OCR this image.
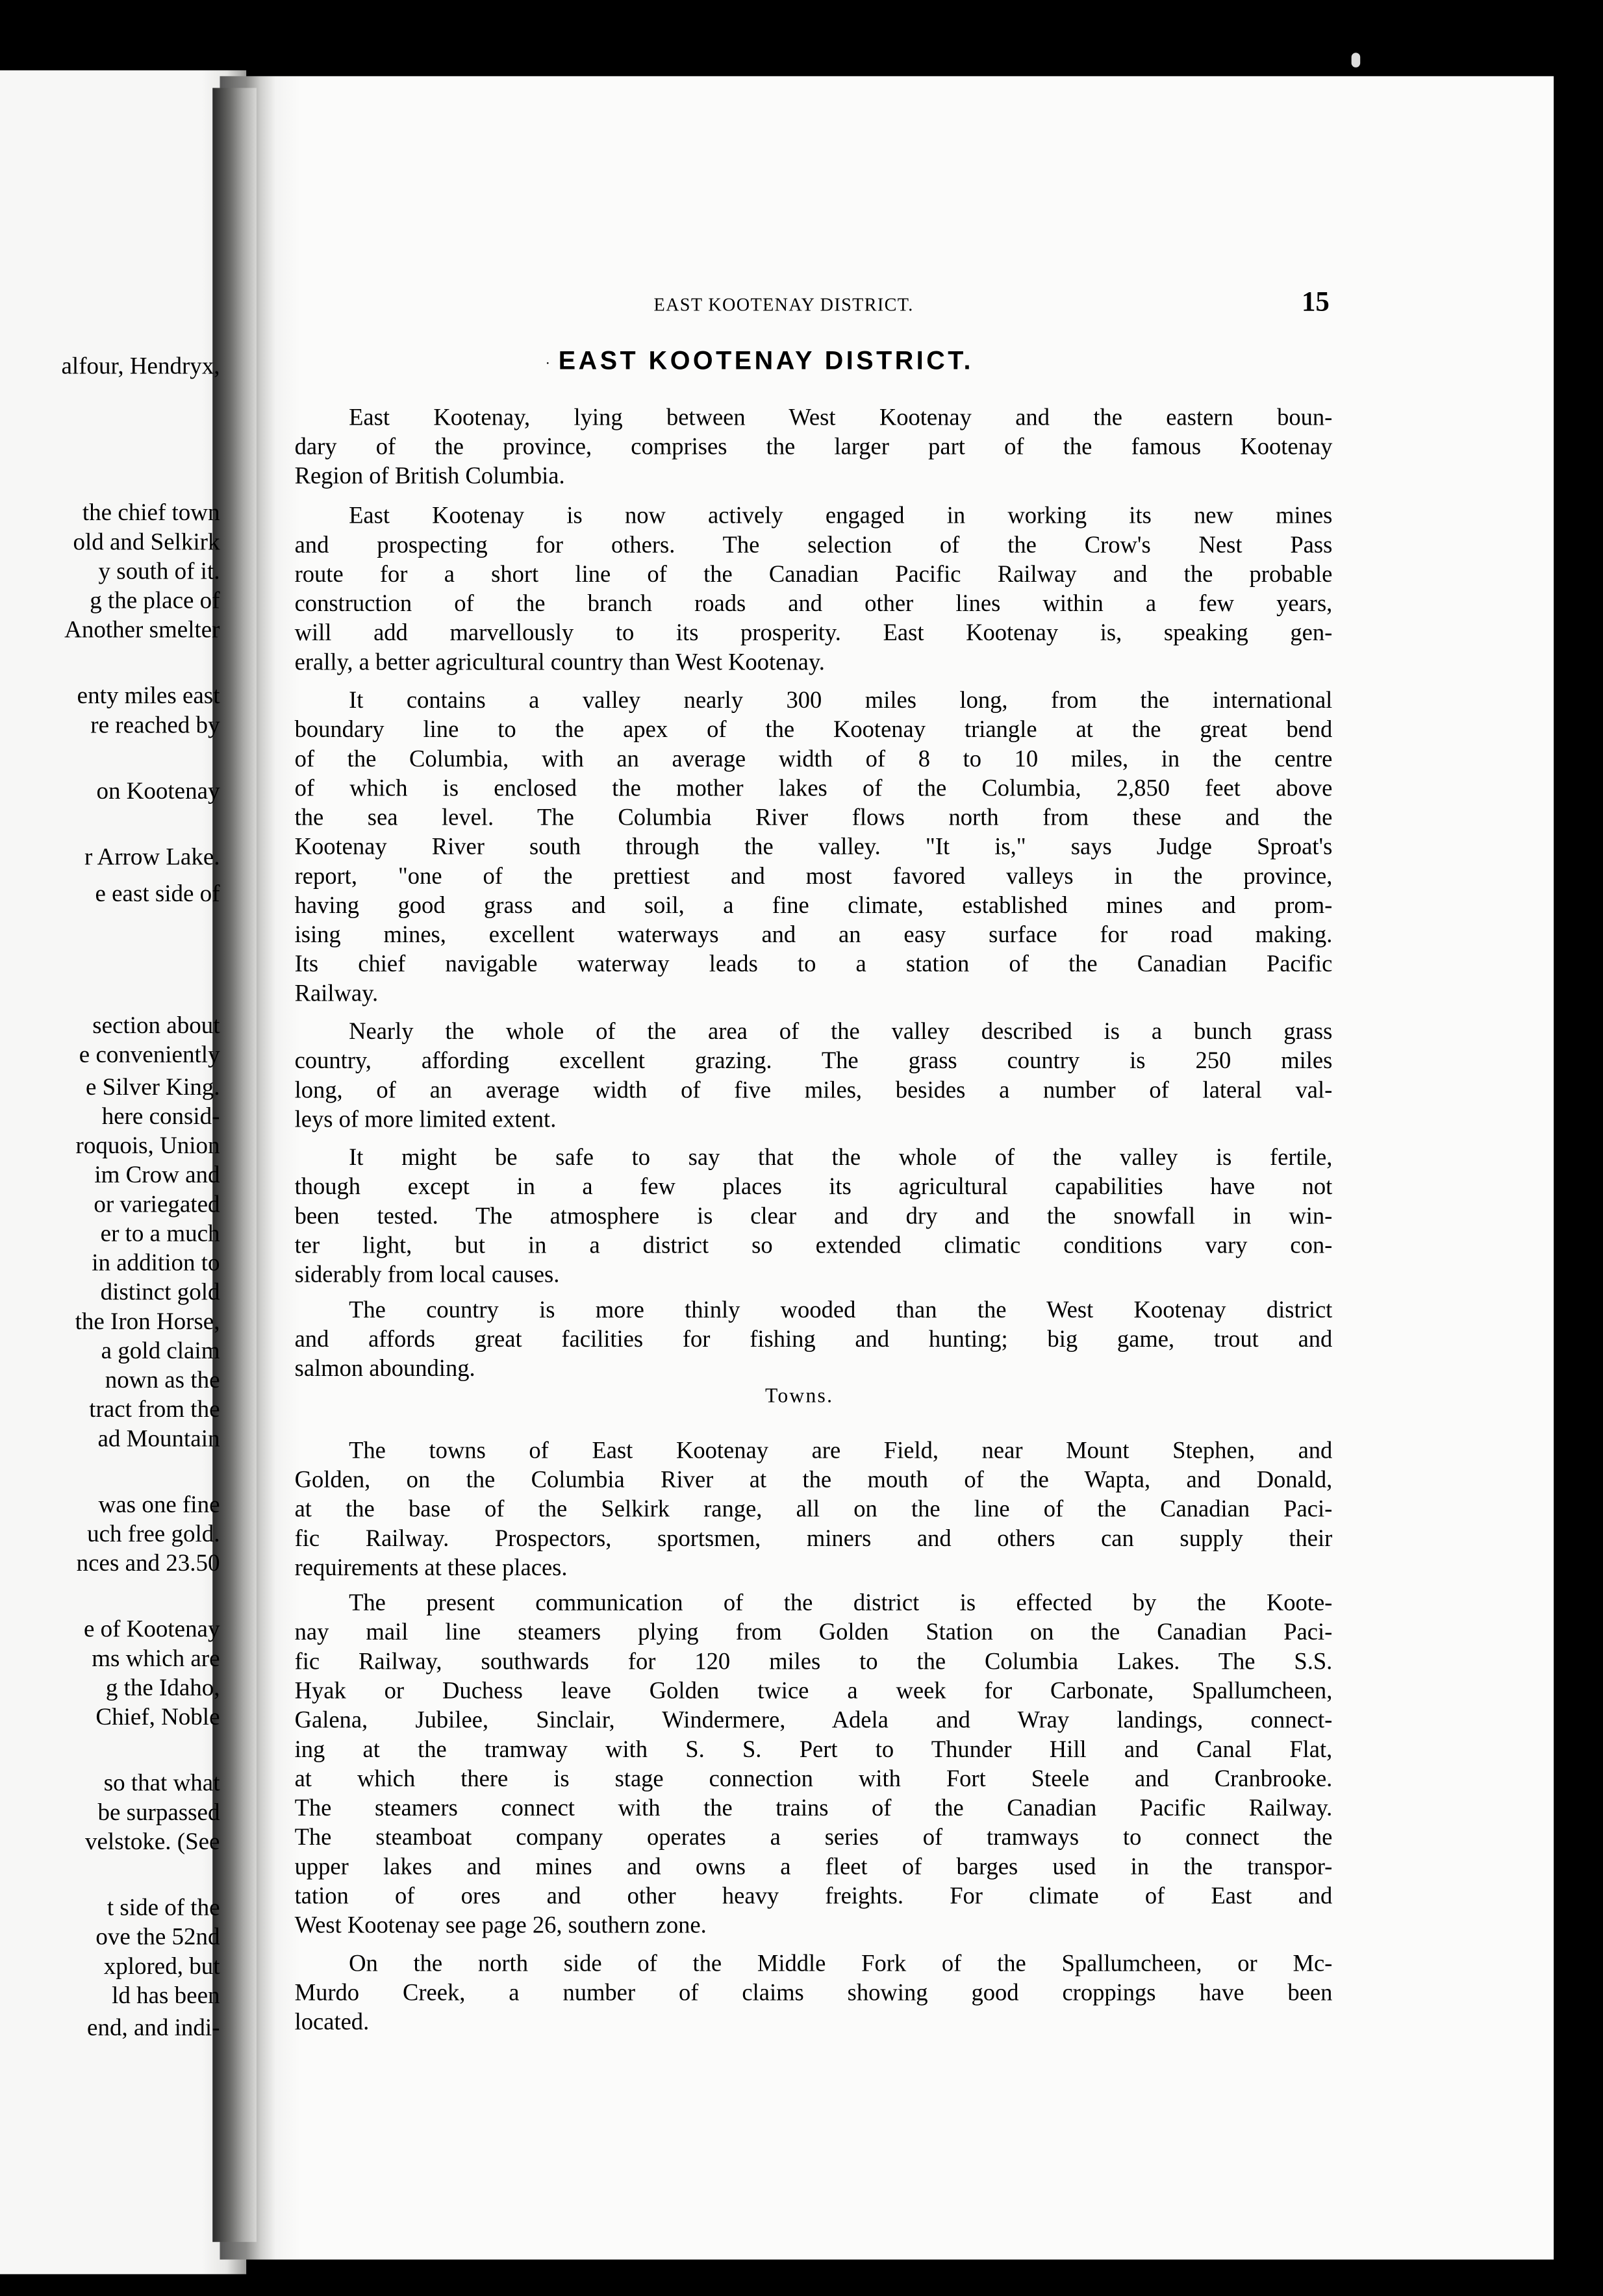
EAST KOOTENAY DISTRICT.	15
· EAST KOOTENAY DISTRICT.
Towns.
East Kootenay, lying between West Kootenay and the eastern boun-
dary of the province, comprises the larger part of the famous Kootenay
Region of British Columbia.
East Kootenay is now actively engaged in working its new mines
and prospecting for others. The selection of the Crow's Nest Pass
route for a short line of the Canadian Pacific Railway and the probable
construction of the branch roads and other lines within a few years,
will add marvellously to its prosperity. East Kootenay is, speaking gen-
erally, a better agricultural country than West Kootenay.
It contains a valley nearly 300 miles long, from the international
boundary line to the apex of the Kootenay triangle at the great bend
of the Columbia, with an average width of 8 to 10 miles, in the centre
of which is enclosed the mother lakes of the Columbia, 2,850 feet above
the sea level. The Columbia River flows north from these and the
Kootenay River south through the valley. "It is," says Judge Sproat's
report, "one of the prettiest and most favored valleys in the province,
having good grass and soil, a fine climate, established mines and prom-
ising mines, excellent waterways and an easy surface for road making.
Its chief navigable waterway leads to a station of the Canadian Pacific
Railway.
Nearly the whole of the area of the valley described is a bunch grass
country, affording excellent grazing. The grass country is 250 miles
long, of an average width of five miles, besides a number of lateral val-
leys of more limited extent.
It might be safe to say that the whole of the valley is fertile,
though except in a few places its agricultural capabilities have not
been tested. The atmosphere is clear and dry and the snowfall in win-
ter light, but in a district so extended climatic conditions vary con-
siderably from local causes.
The country is more thinly wooded than the West Kootenay district
and affords great facilities for fishing and hunting; big game, trout and
salmon abounding.
The towns of East Kootenay are Field, near Mount Stephen, and
Golden, on the Columbia River at the mouth of the Wapta, and Donald,
at the base of the Selkirk range, all on the line of the Canadian Paci-
fic Railway. Prospectors, sportsmen, miners and others can supply their
requirements at these places.
The present communication of the district is effected by the Koote-
nay mail line steamers plying from Golden Station on the Canadian Paci-
fic Railway, southwards for 120 miles to the Columbia Lakes. The S.S.
Hyak or Duchess leave Golden twice a week for Carbonate, Spallumcheen,
Galena, Jubilee, Sinclair, Windermere, Adela and Wray landings, connect-
ing at the tramway with S. S. Pert to Thunder Hill and Canal Flat,
at which there is stage connection with Fort Steele and Cranbrooke.
The steamers connect with the trains of the Canadian Pacific Railway.
The steamboat company operates a series of tramways to connect the
upper lakes and mines and owns a fleet of barges used in the transpor-
tation of ores and other heavy freights. For climate of East and
West Kootenay see page 26, southern zone.
On the north side of the Middle Fork of the Spallumcheen, or Mc-
Murdo Creek, a number of claims showing good croppings have been
located.
alfour, Hendryx,
the chief town
old and Selkirk
y south of it.
g the place of
Another smelter
enty miles east
re reached by
on Kootenay
r Arrow Lake.
e east side of
section about
e conveniently
e Silver King.
here consid-
roquois, Union
im Crow and
or variegated
er to a much
in addition to
distinct gold
the Iron Horse,
a gold claim
nown as the
tract from the
ad Mountain
was one fine
uch free gold.
nces and 23.50
e of Kootenay
ms which are
g the Idaho,
Chief, Noble
so that what
be surpassed
velstoke. (See
t side of the
ove the 52nd
xplored, but
ld has been
end, and indi-
